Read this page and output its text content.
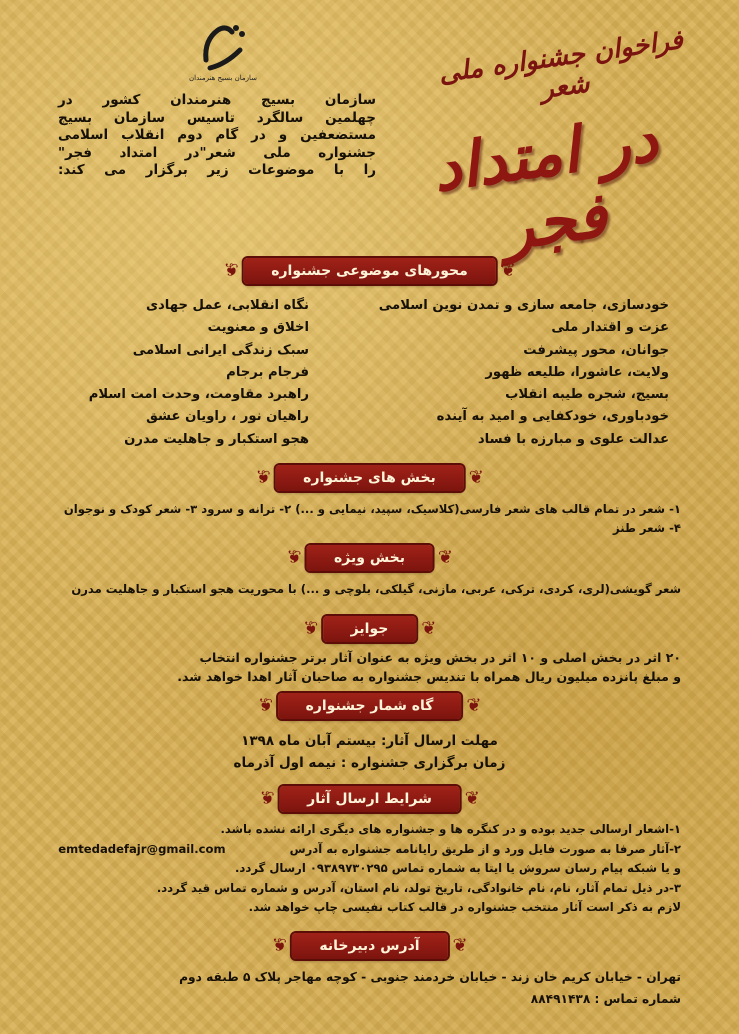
سازمان بسیج هنرمندان	فراخوان جشنواره ملی شعر
در امتداد فجر
سازمان بسیج هنرمندان کشور در
چهلمین سالگرد تاسیس سازمان بسیج
مستضعفین و در گام دوم انقلاب اسلامی
جشنواره ملی شعر"در امتداد فجر"
را با موضوعات زیر برگزار می کند:
❦ محورهای موضوعی جشنواره ❦
خودسازی، جامعه سازی و تمدن نوین اسلامی
عزت و اقتدار ملی
جوانان، محور پیشرفت
ولایت، عاشورا، طلیعه ظهور
بسیج، شجره طیبه انقلاب
خودباوری، خودکفایی و امید به آینده
عدالت علوی و مبارزه با فساد
نگاه انقلابی، عمل جهادی
اخلاق و معنویت
سبک زندگی ایرانی اسلامی
فرجام برجام
راهبرد مقاومت، وحدت امت اسلام
راهیان نور ، راویان عشق
هجو استکبار و جاهلیت مدرن
❦ بخش های جشنواره ❦
۱- شعر در تمام قالب های شعر فارسی(کلاسیک، سپید، نیمایی و ...) ۲- ترانه و سرود ۳- شعر کودک و نوجوان
۴- شعر طنز
❦ بخش ویژه ❦
شعر گویشی(لری، کردی، ترکی، عربی، مازنی، گیلکی، بلوچی و ...) با محوریت هجو استکبار و جاهلیت مدرن
❦ جوایز ❦
۲۰ اثر در بخش اصلی و ۱۰ اثر در بخش ویژه به عنوان آثار برتر جشنواره انتخاب
و مبلغ پانزده میلیون ریال همراه با تندیس جشنواره به صاحبان آثار اهدا خواهد شد.
❦ گاه شمار جشنواره ❦
مهلت ارسال آثار: بیستم آبان ماه ۱۳۹۸
زمان برگزاری جشنواره : نیمه اول آذرماه
❦ شرایط ارسال آثار ❦
۱-اشعار ارسالی جدید بوده و در کنگره ها و جشنواره های دیگری ارائه نشده باشد.
۲-آثار صرفا به صورت فایل ورد و از طریق رایانامه جشنواره به آدرس emtedadefajr@gmail.com
و یا شبکه پیام رسان سروش یا ایتا به شماره تماس ۰۹۳۸۹۷۳۰۲۹۵ ارسال گردد.
۳-در ذیل تمام آثار، نام، نام خانوادگی، تاریخ تولد، نام استان، آدرس و شماره تماس قید گردد.
لازم به ذکر است آثار منتخب جشنواره در قالب کتاب نفیسی چاپ خواهد شد.
❦ آدرس دبیرخانه ❦
تهران - خیابان کریم خان زند - خیابان خردمند جنوبی - کوچه مهاجر پلاک ۵ طبقه دوم
شماره تماس : ۸۸۴۹۱۴۳۸
